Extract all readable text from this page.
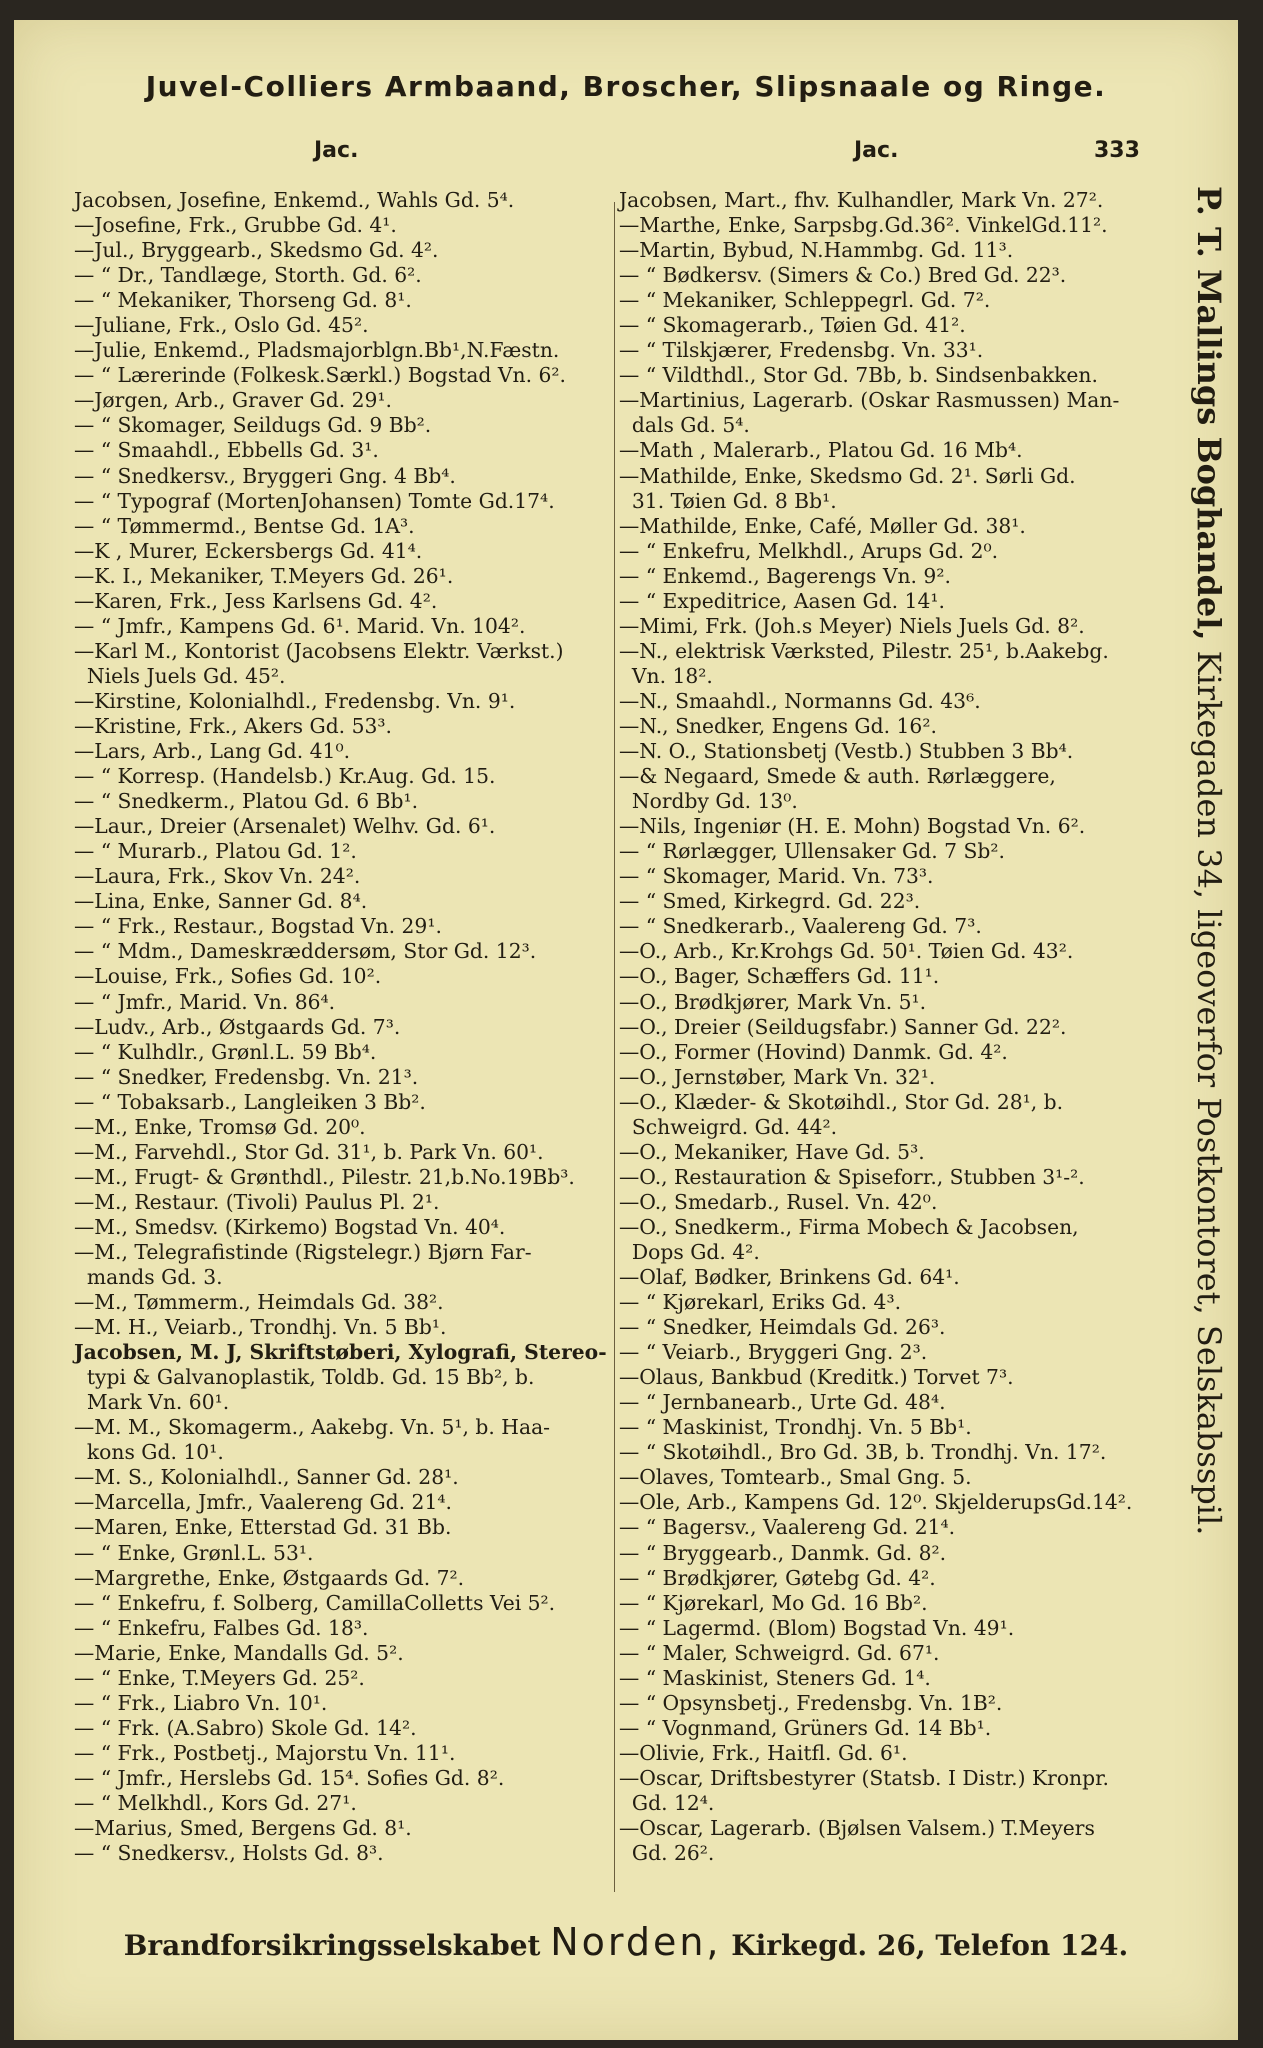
Juvel-Colliers Armbaand, Broscher, Slipsnaale og Ringe.
Jac.	Jac.	333
Jacobsen, Josefine, Enkemd., Wahls Gd. 5⁴.
—Josefine, Frk., Grubbe Gd. 4¹.
—Jul., Bryggearb., Skedsmo Gd. 4².
— “ Dr., Tandlæge, Storth. Gd. 6².
— “ Mekaniker, Thorseng Gd. 8¹.
—Juliane, Frk., Oslo Gd. 45².
—Julie, Enkemd., Pladsmajorblgn.Bb¹,N.Fæstn.
— “ Lærerinde (Folkesk.Særkl.) Bogstad Vn. 6².
—Jørgen, Arb., Graver Gd. 29¹.
— “ Skomager, Seildugs Gd. 9 Bb².
— “ Smaahdl., Ebbells Gd. 3¹.
— “ Snedkersv., Bryggeri Gng. 4 Bb⁴.
— “ Typograf (MortenJohansen) Tomte Gd.17⁴.
— “ Tømmermd., Bentse Gd. 1A³.
—K , Murer, Eckersbergs Gd. 41⁴.
—K. I., Mekaniker, T.Meyers Gd. 26¹.
—Karen, Frk., Jess Karlsens Gd. 4².
— “ Jmfr., Kampens Gd. 6¹. Marid. Vn. 104².
—Karl M., Kontorist (Jacobsens Elektr. Værkst.)
Niels Juels Gd. 45².
—Kirstine, Kolonialhdl., Fredensbg. Vn. 9¹.
—Kristine, Frk., Akers Gd. 53³.
—Lars, Arb., Lang Gd. 41⁰.
— “ Korresp. (Handelsb.) Kr.Aug. Gd. 15.
— “ Snedkerm., Platou Gd. 6 Bb¹.
—Laur., Dreier (Arsenalet) Welhv. Gd. 6¹.
— “ Murarb., Platou Gd. 1².
—Laura, Frk., Skov Vn. 24².
—Lina, Enke, Sanner Gd. 8⁴.
— “ Frk., Restaur., Bogstad Vn. 29¹.
— “ Mdm., Dameskræddersøm, Stor Gd. 12³.
—Louise, Frk., Sofies Gd. 10².
— “ Jmfr., Marid. Vn. 86⁴.
—Ludv., Arb., Østgaards Gd. 7³.
— “ Kulhdlr., Grønl.L. 59 Bb⁴.
— “ Snedker, Fredensbg. Vn. 21³.
— “ Tobaksarb., Langleiken 3 Bb².
—M., Enke, Tromsø Gd. 20⁰.
—M., Farvehdl., Stor Gd. 31¹, b. Park Vn. 60¹.
—M., Frugt- & Grønthdl., Pilestr. 21,b.No.19Bb³.
—M., Restaur. (Tivoli) Paulus Pl. 2¹.
—M., Smedsv. (Kirkemo) Bogstad Vn. 40⁴.
—M., Telegrafistinde (Rigstelegr.) Bjørn Far-
mands Gd. 3.
—M., Tømmerm., Heimdals Gd. 38².
—M. H., Veiarb., Trondhj. Vn. 5 Bb¹.
Jacobsen, M. J, Skriftstøberi, Xylografi, Stereo-
typi & Galvanoplastik, Toldb. Gd. 15 Bb², b.
Mark Vn. 60¹.
—M. M., Skomagerm., Aakebg. Vn. 5¹, b. Haa-
kons Gd. 10¹.
—M. S., Kolonialhdl., Sanner Gd. 28¹.
—Marcella, Jmfr., Vaalereng Gd. 21⁴.
—Maren, Enke, Etterstad Gd. 31 Bb.
— “ Enke, Grønl.L. 53¹.
—Margrethe, Enke, Østgaards Gd. 7².
— “ Enkefru, f. Solberg, CamillaColletts Vei 5².
— “ Enkefru, Falbes Gd. 18³.
—Marie, Enke, Mandalls Gd. 5².
— “ Enke, T.Meyers Gd. 25².
— “ Frk., Liabro Vn. 10¹.
— “ Frk. (A.Sabro) Skole Gd. 14².
— “ Frk., Postbetj., Majorstu Vn. 11¹.
— “ Jmfr., Herslebs Gd. 15⁴. Sofies Gd. 8².
— “ Melkhdl., Kors Gd. 27¹.
—Marius, Smed, Bergens Gd. 8¹.
— “ Snedkersv., Holsts Gd. 8³.
Jacobsen, Mart., fhv. Kulhandler, Mark Vn. 27².
—Marthe, Enke, Sarpsbg.Gd.36². VinkelGd.11².
—Martin, Bybud, N.Hammbg. Gd. 11³.
— “ Bødkersv. (Simers & Co.) Bred Gd. 22³.
— “ Mekaniker, Schleppegrl. Gd. 7².
— “ Skomagerarb., Tøien Gd. 41².
— “ Tilskjærer, Fredensbg. Vn. 33¹.
— “ Vildthdl., Stor Gd. 7Bb, b. Sindsenbakken.
—Martinius, Lagerarb. (Oskar Rasmussen) Man-
dals Gd. 5⁴.
—Math , Malerarb., Platou Gd. 16 Mb⁴.
—Mathilde, Enke, Skedsmo Gd. 2¹. Sørli Gd.
31. Tøien Gd. 8 Bb¹.
—Mathilde, Enke, Café, Møller Gd. 38¹.
— “ Enkefru, Melkhdl., Arups Gd. 2⁰.
— “ Enkemd., Bagerengs Vn. 9².
— “ Expeditrice, Aasen Gd. 14¹.
—Mimi, Frk. (Joh.s Meyer) Niels Juels Gd. 8².
—N., elektrisk Værksted, Pilestr. 25¹, b.Aakebg.
Vn. 18².
—N., Smaahdl., Normanns Gd. 43⁶.
—N., Snedker, Engens Gd. 16².
—N. O., Stationsbetj (Vestb.) Stubben 3 Bb⁴.
—& Negaard, Smede & auth. Rørlæggere,
Nordby Gd. 13⁰.
—Nils, Ingeniør (H. E. Mohn) Bogstad Vn. 6².
— “ Rørlægger, Ullensaker Gd. 7 Sb².
— “ Skomager, Marid. Vn. 73³.
— “ Smed, Kirkegrd. Gd. 22³.
— “ Snedkerarb., Vaalereng Gd. 7³.
—O., Arb., Kr.Krohgs Gd. 50¹. Tøien Gd. 43².
—O., Bager, Schæffers Gd. 11¹.
—O., Brødkjører, Mark Vn. 5¹.
—O., Dreier (Seildugsfabr.) Sanner Gd. 22².
—O., Former (Hovind) Danmk. Gd. 4².
—O., Jernstøber, Mark Vn. 32¹.
—O., Klæder- & Skotøihdl., Stor Gd. 28¹, b.
Schweigrd. Gd. 44².
—O., Mekaniker, Have Gd. 5³.
—O., Restauration & Spiseforr., Stubben 3¹-².
—O., Smedarb., Rusel. Vn. 42⁰.
—O., Snedkerm., Firma Mobech & Jacobsen,
Dops Gd. 4².
—Olaf, Bødker, Brinkens Gd. 64¹.
— “ Kjørekarl, Eriks Gd. 4³.
— “ Snedker, Heimdals Gd. 26³.
— “ Veiarb., Bryggeri Gng. 2³.
—Olaus, Bankbud (Kreditk.) Torvet 7³.
— “ Jernbanearb., Urte Gd. 48⁴.
— “ Maskinist, Trondhj. Vn. 5 Bb¹.
— “ Skotøihdl., Bro Gd. 3B, b. Trondhj. Vn. 17².
—Olaves, Tomtearb., Smal Gng. 5.
—Ole, Arb., Kampens Gd. 12⁰. SkjelderupsGd.14².
— “ Bagersv., Vaalereng Gd. 21⁴.
— “ Bryggearb., Danmk. Gd. 8².
— “ Brødkjører, Gøtebg Gd. 4².
— “ Kjørekarl, Mo Gd. 16 Bb².
— “ Lagermd. (Blom) Bogstad Vn. 49¹.
— “ Maler, Schweigrd. Gd. 67¹.
— “ Maskinist, Steners Gd. 1⁴.
— “ Opsynsbetj., Fredensbg. Vn. 1B².
— “ Vognmand, Grüners Gd. 14 Bb¹.
—Olivie, Frk., Haitfl. Gd. 6¹.
—Oscar, Driftsbestyrer (Statsb. I Distr.) Kronpr.
Gd. 12⁴.
—Oscar, Lagerarb. (Bjølsen Valsem.) T.Meyers
Gd. 26².
P. T. Mallings Boghandel, Kirkegaden 34, ligeoverfor Postkontoret, Selskabsspil.
Brandforsikringsselskabet Norden, Kirkegd. 26, Telefon 124.
